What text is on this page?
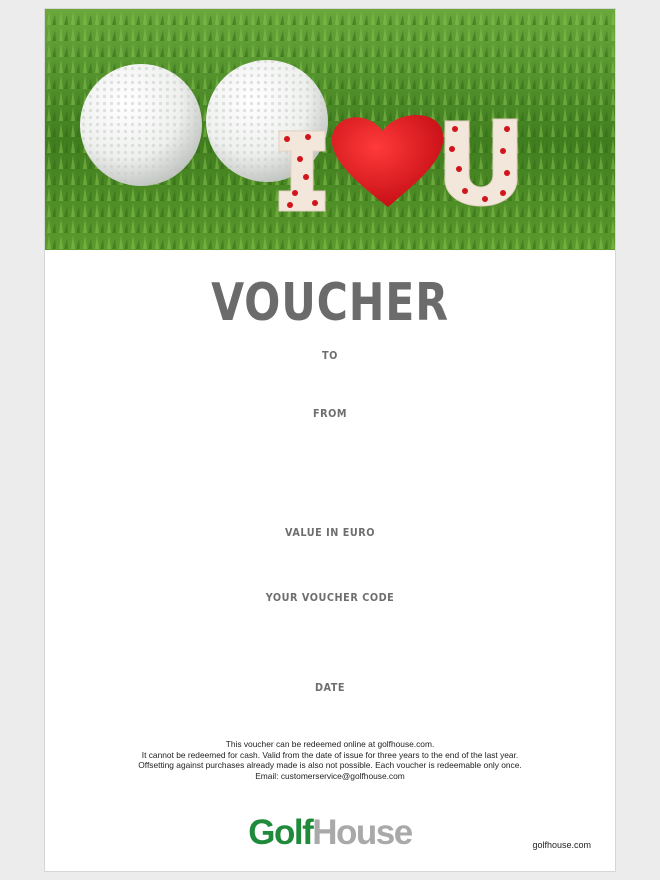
VOUCHER
TO
FROM
VALUE IN EURO
YOUR VOUCHER CODE
DATE
This voucher can be redeemed online at golfhouse.com.
It cannot be redeemed for cash. Valid from the date of issue for three years to the end of the last year.
Offsetting against purchases already made is also not possible. Each voucher is redeemable only once.
Email: customerservice@golfhouse.com
GolfHouse	golfhouse.com
